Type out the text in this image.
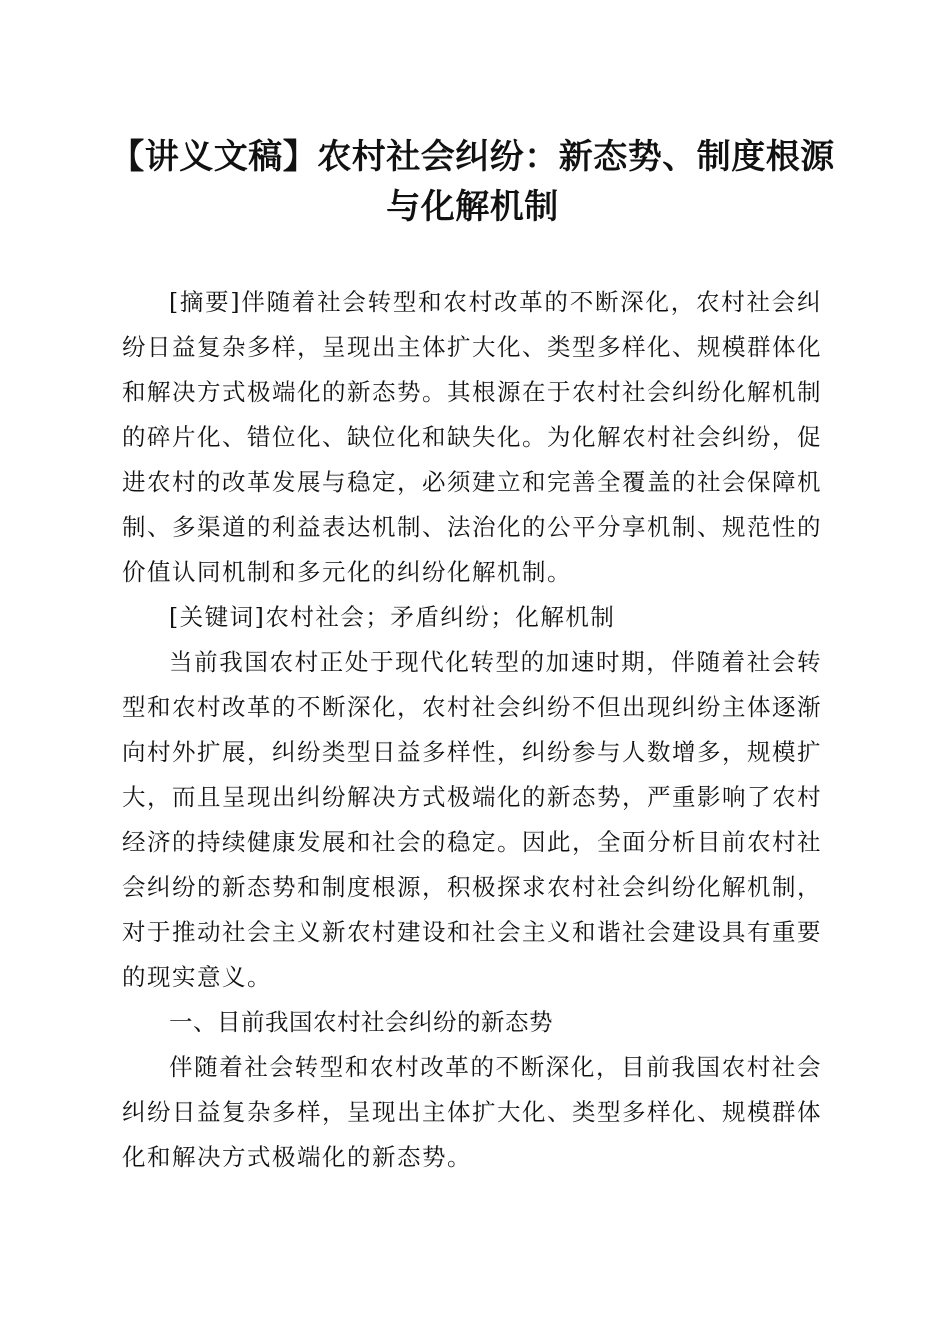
【讲义文稿】农村社会纠纷：新态势、制度根源与化解机制

[摘要]伴随着社会转型和农村改革的不断深化，农村社会纠纷日益复杂多样，呈现出主体扩大化、类型多样化、规模群体化和解决方式极端化的新态势。其根源在于农村社会纠纷化解机制的碎片化、错位化、缺位化和缺失化。为化解农村社会纠纷，促进农村的改革发展与稳定，必须建立和完善全覆盖的社会保障机制、多渠道的利益表达机制、法治化的公平分享机制、规范性的价值认同机制和多元化的纠纷化解机制。

[关键词]农村社会；矛盾纠纷；化解机制

当前我国农村正处于现代化转型的加速时期，伴随着社会转型和农村改革的不断深化，农村社会纠纷不但出现纠纷主体逐渐向村外扩展，纠纷类型日益多样性，纠纷参与人数增多，规模扩大，而且呈现出纠纷解决方式极端化的新态势，严重影响了农村经济的持续健康发展和社会的稳定。因此，全面分析目前农村社会纠纷的新态势和制度根源，积极探求农村社会纠纷化解机制，对于推动社会主义新农村建设和社会主义和谐社会建设具有重要的现实意义。

一、目前我国农村社会纠纷的新态势

伴随着社会转型和农村改革的不断深化，目前我国农村社会纠纷日益复杂多样，呈现出主体扩大化、类型多样化、规模群体化和解决方式极端化的新态势。
